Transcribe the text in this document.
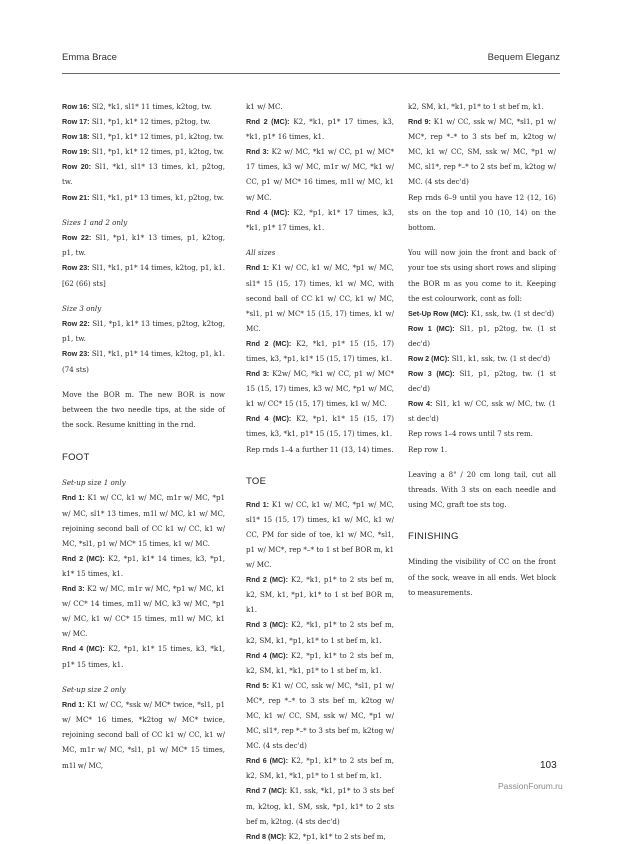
Emma Brace	Bequem Eleganz

Row 16: Sl2, *k1, sl1* 11 times, k2tog, tw.

Row 17: Sl1, *p1, k1* 12 times, p2tog, tw.

Row 18: Sl1, *p1, k1* 12 times, p1, k2tog, tw.

Row 19: Sl1, *p1, k1* 12 times, p1, k2tog, tw.

Row 20: Sl1, *k1, sl1* 13 times, k1, p2tog, tw.

Row 21: Sl1, *k1, p1* 13 times, k1, p2tog, tw.

Sizes 1 and 2 only

Row 22: Sl1, *p1, k1* 13 times, p1, k2tog, p1, tw.

Row 23: Sl1, *k1, p1* 14 times, k2tog, p1, k1. [62 (66) sts]

Size 3 only

Row 22: Sl1, *p1, k1* 13 times, p2tog, k2tog, p1, tw.

Row 23: Sl1, *k1, p1* 14 times, k2tog, p1, k1. (74 sts)

Move the BOR m. The new BOR is now between the two needle tips, at the side of the sock. Resume knitting in the rnd.

FOOT

Set-up size 1 only

Rnd 1: K1 w/ CC, k1 w/ MC, m1r w/ MC, *p1 w/ MC, sl1* 13 times, m1l w/ MC, k1 w/ MC, rejoining second ball of CC k1 w/ CC, k1 w/ MC, *sl1, p1 w/ MC* 15 times, k1 w/ MC.

Rnd 2 (MC): K2, *p1, k1* 14 times, k3, *p1, k1* 15 times, k1.

Rnd 3: K2 w/ MC, m1r w/ MC, *p1 w/ MC, k1 w/ CC* 14 times, m1l w/ MC, k3 w/ MC, *p1 w/ MC, k1 w/ CC* 15 times, m1l w/ MC, k1 w/ MC.

Rnd 4 (MC): K2, *p1, k1* 15 times, k3, *k1, p1* 15 times, k1.

Set-up size 2 only

Rnd 1: K1 w/ CC, *ssk w/ MC* twice, *sl1, p1 w/ MC* 16 times, *k2tog w/ MC* twice, rejoining second ball of CC k1 w/ CC, k1 w/ MC, m1r w/ MC, *sl1, p1 w/ MC* 15 times, m1l w/ MC,

k1 w/ MC.

Rnd 2 (MC): K2, *k1, p1* 17 times, k3, *k1, p1* 16 times, k1.

Rnd 3: K2 w/ MC, *k1 w/ CC, p1 w/ MC* 17 times, k3 w/ MC, m1r w/ MC, *k1 w/ CC, p1 w/ MC* 16 times, m1l w/ MC, k1 w/ MC.

Rnd 4 (MC): K2, *p1, k1* 17 times, k3, *k1, p1* 17 times, k1.

All sizes

Rnd 1: K1 w/ CC, k1 w/ MC, *p1 w/ MC, sl1* 15 (15, 17) times, k1 w/ MC, with second ball of CC k1 w/ CC, k1 w/ MC, *sl1, p1 w/ MC* 15 (15, 17) times, k1 w/ MC.

Rnd 2 (MC): K2, *k1, p1* 15 (15, 17) times, k3, *p1, k1* 15 (15, 17) times, k1.

Rnd 3: K2w/ MC, *k1 w/ CC, p1 w/ MC* 15 (15, 17) times, k3 w/ MC, *p1 w/ MC, k1 w/ CC* 15 (15, 17) times, k1 w/ MC.

Rnd 4 (MC): K2, *p1, k1* 15 (15, 17) times, k3, *k1, p1* 15 (15, 17) times, k1.

Rep rnds 1–4 a further 11 (13, 14) times.

TOE

Rnd 1: K1 w/ CC, k1 w/ MC, *p1 w/ MC, sl1* 15 (15, 17) times, k1 w/ MC, k1 w/ CC, PM for side of toe, k1 w/ MC, *sl1, p1 w/ MC*, rep *–* to 1 st bef BOR m, k1 w/ MC.

Rnd 2 (MC): K2, *k1, p1* to 2 sts bef m, k2, SM, k1, *p1, k1* to 1 st bef BOR m, k1.

Rnd 3 (MC): K2, *k1, p1* to 2 sts bef m, k2, SM, k1, *p1, k1* to 1 st bef m, k1.

Rnd 4 (MC): K2, *p1, k1* to 2 sts bef m, k2, SM, k1, *k1, p1* to 1 st bef m, k1.

Rnd 5: K1 w/ CC, ssk w/ MC, *sl1, p1 w/ MC*, rep *–* to 3 sts bef m, k2tog w/ MC, k1 w/ CC, SM, ssk w/ MC, *p1 w/ MC, sl1*, rep *–* to 3 sts bef m, k2tog w/ MC. (4 sts dec'd)

Rnd 6 (MC): K2, *p1, k1* to 2 sts bef m, k2, SM, k1, *k1, p1* to 1 st bef m, k1.

Rnd 7 (MC): K1, ssk, *k1, p1* to 3 sts bef m, k2tog, k1, SM, ssk, *p1, k1* to 2 sts bef m, k2tog. (4 sts dec'd)

Rnd 8 (MC): K2, *p1, k1* to 2 sts bef m,

k2, SM, k1, *k1, p1* to 1 st bef m, k1.

Rnd 9: K1 w/ CC, ssk w/ MC, *sl1, p1 w/ MC*, rep *–* to 3 sts bef m, k2tog w/ MC, k1 w/ CC, SM, ssk w/ MC, *p1 w/ MC, sl1*, rep *–* to 2 sts bef m, k2tog w/ MC. (4 sts dec'd)

Rep rnds 6–9 until you have 12 (12, 16) sts on the top and 10 (10, 14) on the bottom.

You will now join the front and back of your toe sts using short rows and sliping the BOR m as you come to it. Keeping the est colourwork, cont as foll:

Set-Up Row (MC): K1, ssk, tw. (1 st dec'd)

Row 1 (MC): Sl1, p1, p2tog, tw. (1 st dec'd)

Row 2 (MC): Sl1, k1, ssk, tw. (1 st dec'd)

Row 3 (MC): Sl1, p1, p2tog, tw. (1 st dec'd)

Row 4: Sl1, k1 w/ CC, ssk w/ MC, tw. (1 st dec'd)

Rep rows 1–4 rows until 7 sts rem.

Rep row 1.

Leaving a 8" / 20 cm long tail, cut all threads. With 3 sts on each needle and using MC, graft toe sts tog.

FINISHING

Minding the visibility of CC on the front of the sock, weave in all ends. Wet block to measurements.

103
PassionForum.ru
